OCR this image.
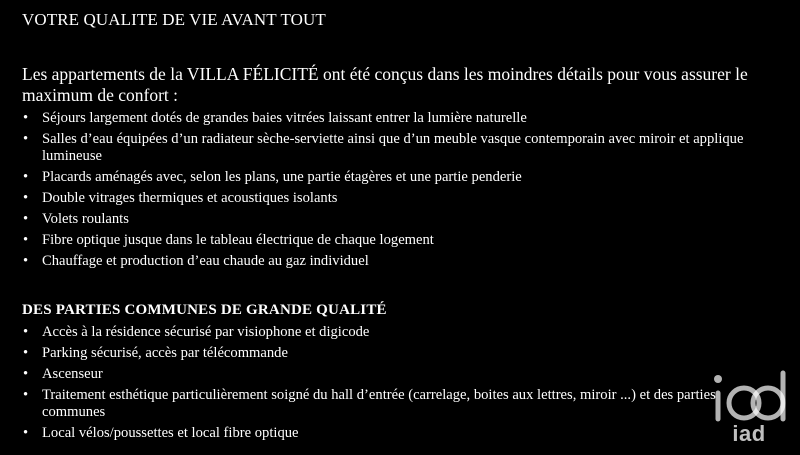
VOTRE QUALITE DE VIE AVANT TOUT
Les appartements de la VILLA FÉLICITÉ ont été conçus dans les moindres détails pour vous assurer le maximum de confort :
• Séjours largement dotés de grandes baies vitrées laissant entrer la lumière naturelle
• Salles d’eau équipées d’un radiateur sèche-serviette ainsi que d’un meuble vasque contemporain avec miroir et applique lumineuse
• Placards aménagés avec, selon les plans, une partie étagères et une partie penderie
• Double vitrages thermiques et acoustiques isolants
• Volets roulants
• Fibre optique jusque dans le tableau électrique de chaque logement
• Chauffage et production d’eau chaude au gaz individuel
DES PARTIES COMMUNES DE GRANDE QUALITÉ
• Accès à la résidence sécurisé par visiophone et digicode
• Parking sécurisé, accès par télécommande
• Ascenseur
• Traitement esthétique particulièrement soigné du hall d’entrée (carrelage, boites aux lettres, miroir ...) et des parties communes
• Local vélos/poussettes et local fibre optique	iad
